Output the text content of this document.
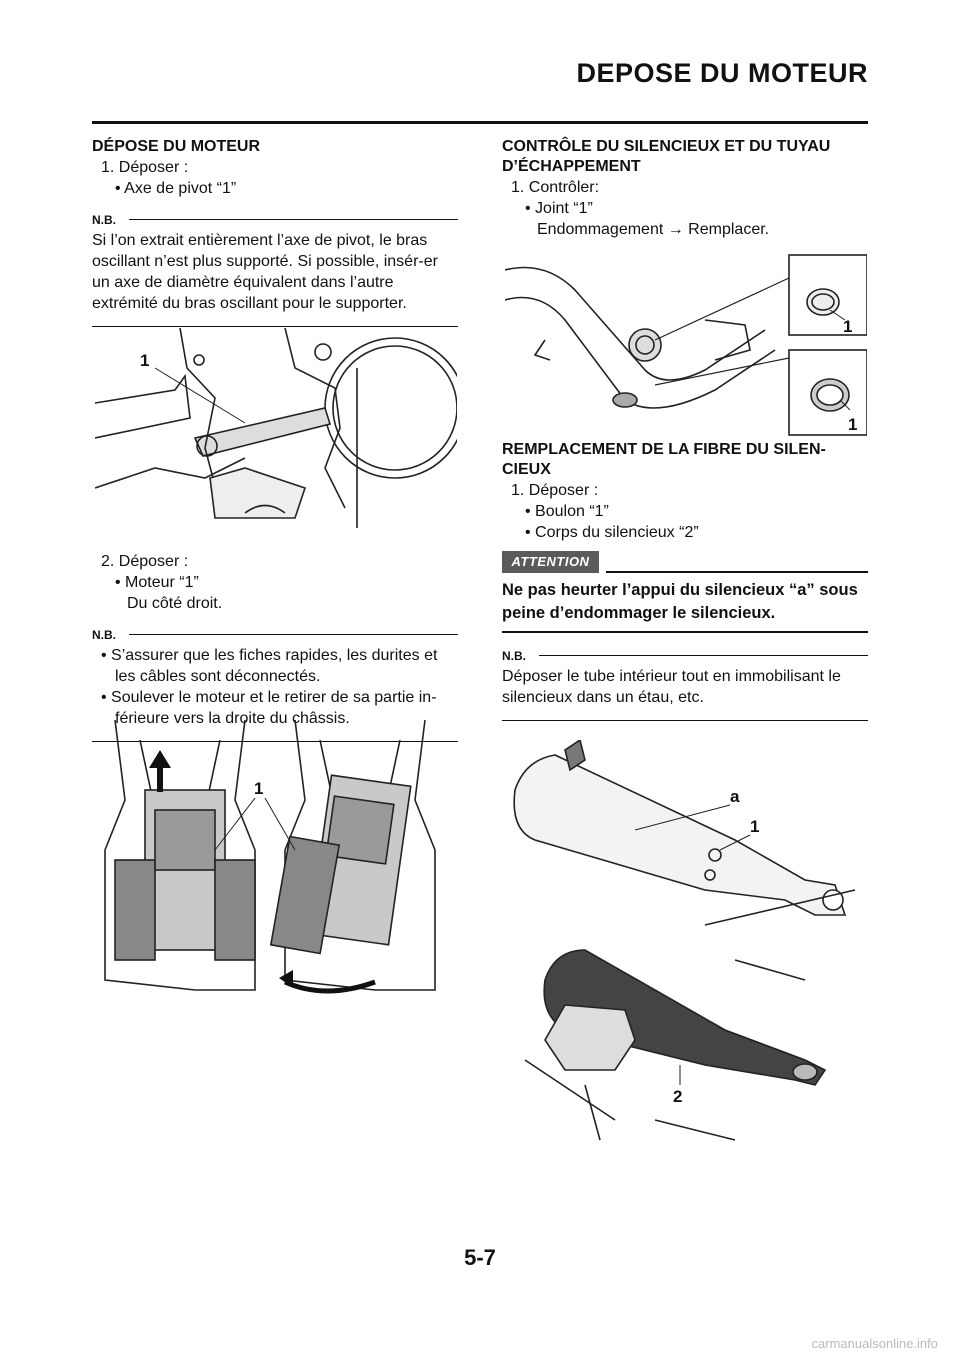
DEPOSE DU MOTEUR
DÉPOSE DU MOTEUR

1. Déposer :

• Axe de pivot “1”

N.B.

Si l’on extrait entièrement l’axe de pivot, le bras oscillant n’est plus supporté. Si possible, insér-er un axe de diamètre équivalent dans l’autre extrémité du bras oscillant pour le supporter.

2. Déposer :

• Moteur “1”

Du côté droit.

N.B.

• S’assurer que les fiches rapides, les durites et les câbles sont déconnectés.

• Soulever le moteur et le retirer de sa partie in-férieure vers la droite du châssis.

1
1
CONTRÔLE DU SILENCIEUX ET DU TUYAU
D’ÉCHAPPEMENT

1. Contrôler:

• Joint “1”

Endommagement → Remplacer.

REMPLACEMENT DE LA FIBRE DU SILEN-
CIEUX

1. Déposer :

• Boulon “1”

• Corps du silencieux “2”

ATTENTION
Ne pas heurter l’appui du silencieux “a” sous peine d’endommager le silencieux.
N.B.

Déposer le tube intérieur tout en immobilisant le silencieux dans un étau, etc.

1
1
a
1
2
5-7
carmanualsonline.info
